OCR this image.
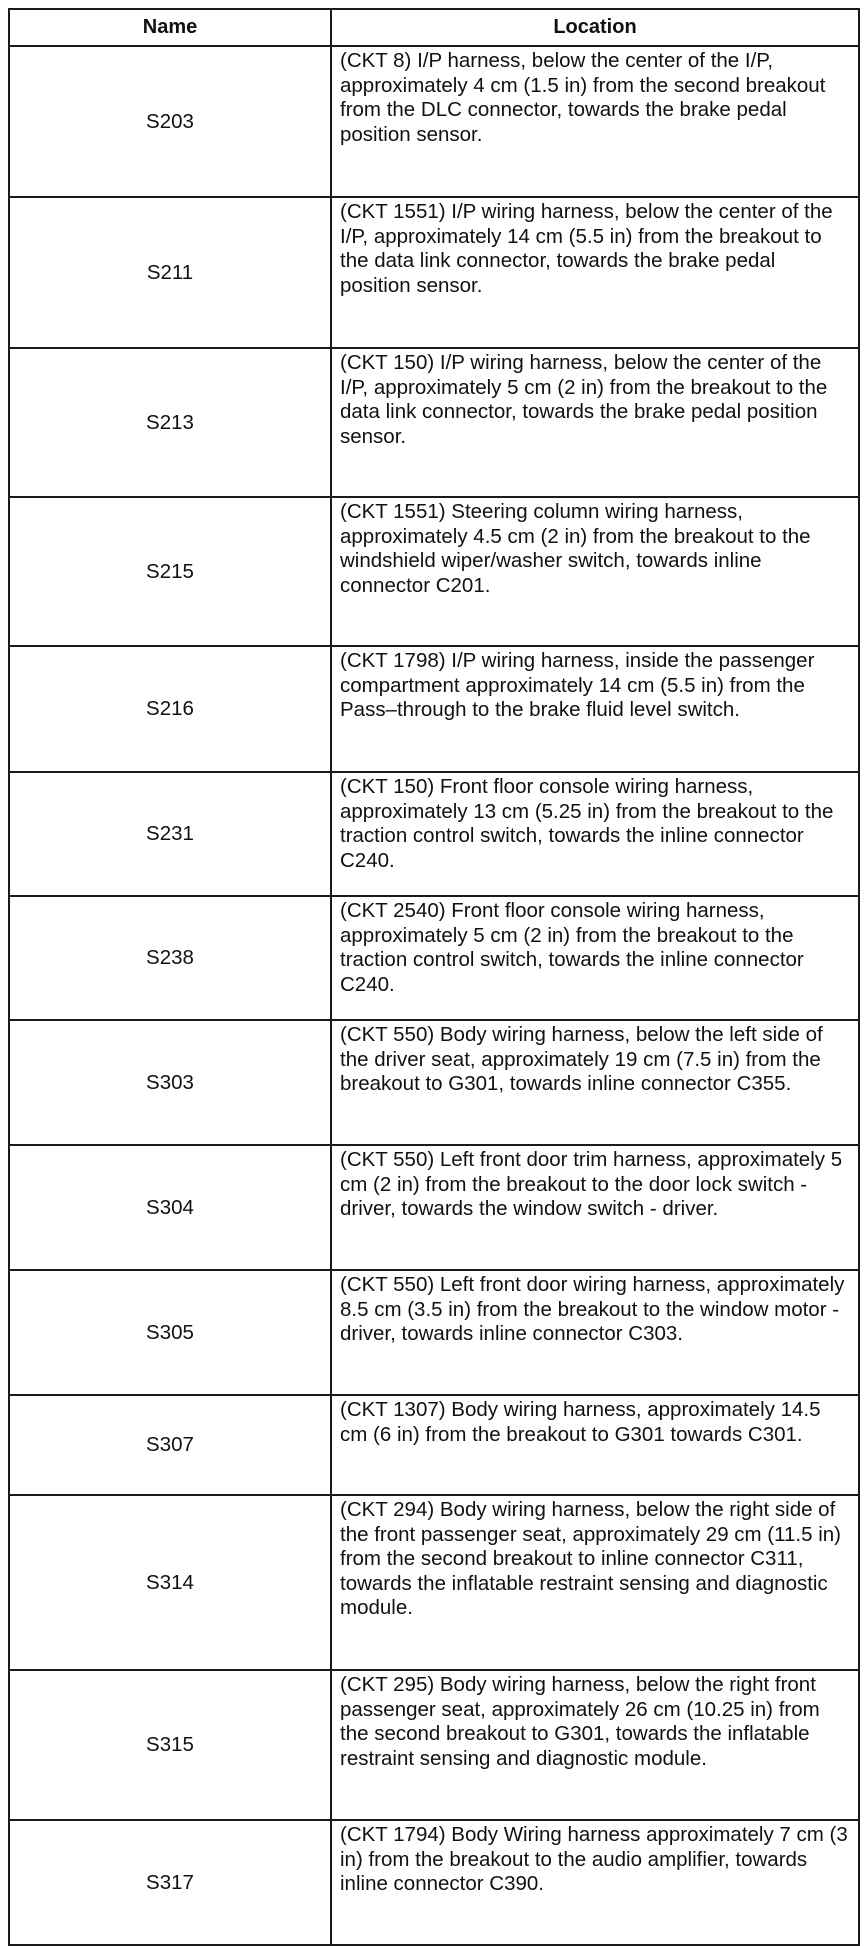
Name	Location
S203	(CKT 8) I/P harness, below the center of the I/P, approximately 4 cm (1.5 in) from the second breakout from the DLC connector, towards the brake pedal position sensor.

S211	(CKT 1551) I/P wiring harness, below the center of the I/P, approximately 14 cm (5.5 in) from the breakout to the data link connector, towards the brake pedal position sensor.

S213	(CKT 150) I/P wiring harness, below the center of the I/P, approximately 5 cm (2 in) from the breakout to the data link connector, towards the brake pedal position sensor.

S215	(CKT 1551) Steering column wiring harness, approximately 4.5 cm (2 in) from the breakout to the windshield wiper/washer switch, towards inline connector C201.

S216	(CKT 1798) I/P wiring harness, inside the passenger compartment approximately 14 cm (5.5 in) from the Pass–through to the brake fluid level switch.

S231	(CKT 150) Front floor console wiring harness, approximately 13 cm (5.25 in) from the breakout to the traction control switch, towards the inline connector C240.

S238	(CKT 2540) Front floor console wiring harness, approximately 5 cm (2 in) from the breakout to the traction control switch, towards the inline connector C240.

S303	(CKT 550) Body wiring harness, below the left side of the driver seat, approximately 19 cm (7.5 in) from the breakout to G301, towards inline connector C355.

S304	(CKT 550) Left front door trim harness, approximately 5 cm (2 in) from the breakout to the door lock switch - driver, towards the window switch - driver.

S305	(CKT 550) Left front door wiring harness, approximately 8.5 cm (3.5 in) from the breakout to the window motor - driver, towards inline connector C303.

S307	(CKT 1307) Body wiring harness, approximately 14.5 cm (6 in) from the breakout to G301 towards C301.

S314	(CKT 294) Body wiring harness, below the right side of the front passenger seat, approximately 29 cm (11.5 in) from the second breakout to inline connector C311, towards the inflatable restraint sensing and diagnostic module.

S315	(CKT 295) Body wiring harness, below the right front passenger seat, approximately 26 cm (10.25 in) from the second breakout to G301, towards the inflatable restraint sensing and diagnostic module.

S317	(CKT 1794) Body Wiring harness approximately 7 cm (3 in) from the breakout to the audio amplifier, towards inline connector C390.
